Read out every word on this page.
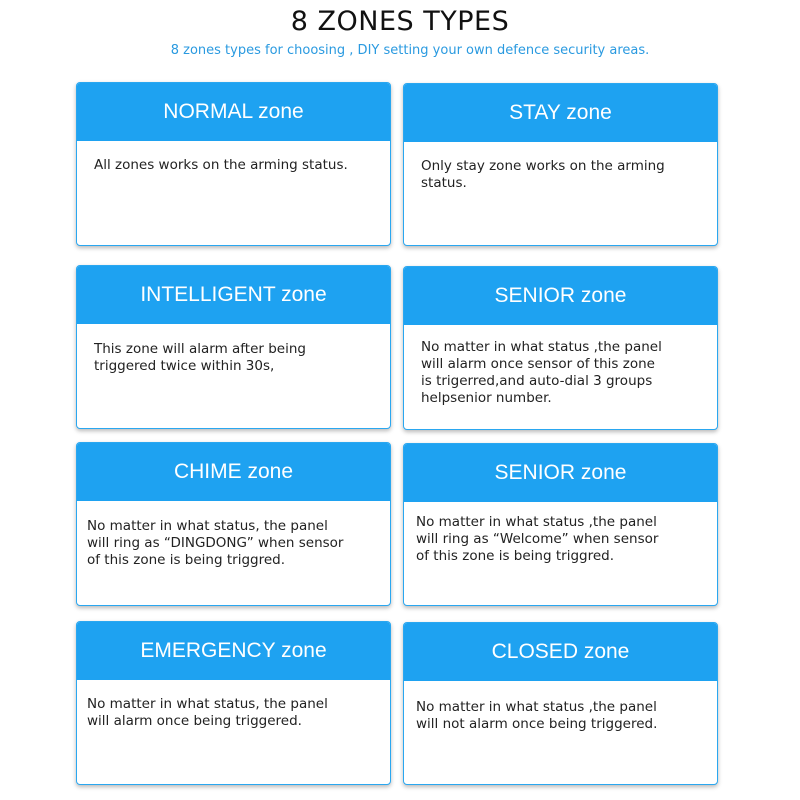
8 ZONES TYPES
8 zones types for choosing , DIY setting your own defence security areas.
NORMAL zone
All zones works on the arming status.
STAY zone
Only stay zone works on the arming
status.
INTELLIGENT zone
This zone will alarm after being
triggered twice within 30s,
SENIOR zone
No matter in what status ,the panel
will alarm once sensor of this zone
is trigerred,and auto-dial 3 groups
helpsenior number.
CHIME zone
No matter in what status, the panel
will ring as “DINGDONG” when sensor
of this zone is being triggred.
SENIOR zone
No matter in what status ,the panel
will ring as “Welcome” when sensor
of this zone is being triggred.
EMERGENCY zone
No matter in what status, the panel
will alarm once being triggered.
CLOSED zone
No matter in what status ,the panel
will not alarm once being triggered.
